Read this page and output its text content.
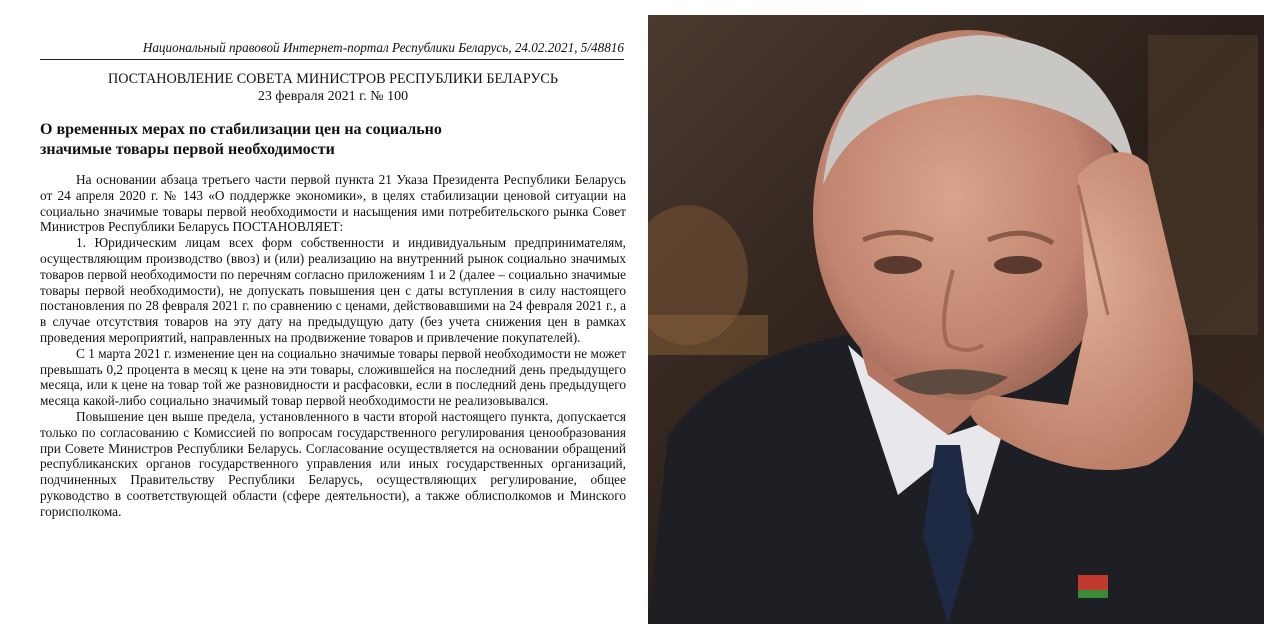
Национальный правовой Интернет-портал Республики Беларусь, 24.02.2021, 5/48816
ПОСТАНОВЛЕНИЕ СОВЕТА МИНИСТРОВ РЕСПУБЛИКИ БЕЛАРУСЬ
23 февраля 2021 г. № 100
О временных мерах по стабилизации цен на социально значимые товары первой необходимости

На основании абзаца третьего части первой пункта 21 Указа Президента Республики Беларусь от 24 апреля 2020 г. № 143 «О поддержке экономики», в целях стабилизации ценовой ситуации на социально значимые товары первой необходимости и насыщения ими потребительского рынка Совет Министров Республики Беларусь ПОСТАНОВЛЯЕТ:

1. Юридическим лицам всех форм собственности и индивидуальным предпринимателям, осуществляющим производство (ввоз) и (или) реализацию на внутренний рынок социально значимых товаров первой необходимости по перечням согласно приложениям 1 и 2 (далее – социально значимые товары первой необходимости), не допускать повышения цен с даты вступления в силу настоящего постановления по 28 февраля 2021 г. по сравнению с ценами, действовавшими на 24 февраля 2021 г., а в случае отсутствия товаров на эту дату на предыдущую дату (без учета снижения цен в рамках проведения мероприятий, направленных на продвижение товаров и привлечение покупателей).

С 1 марта 2021 г. изменение цен на социально значимые товары первой необходимости не может превышать 0,2 процента в месяц к цене на эти товары, сложившейся на последний день предыдущего месяца, или к цене на товар той же разновидности и расфасовки, если в последний день предыдущего месяца какой-либо социально значимый товар первой необходимости не реализовывался.

Повышение цен выше предела, установленного в части второй настоящего пункта, допускается только по согласованию с Комиссией по вопросам государственного регулирования ценообразования при Совете Министров Республики Беларусь. Согласование осуществляется на основании обращений республиканских органов государственного управления или иных государственных организаций, подчиненных Правительству Республики Беларусь, осуществляющих регулирование, общее руководство в соответствующей области (сфере деятельности), а также облисполкомов и Минского горисполкома.
